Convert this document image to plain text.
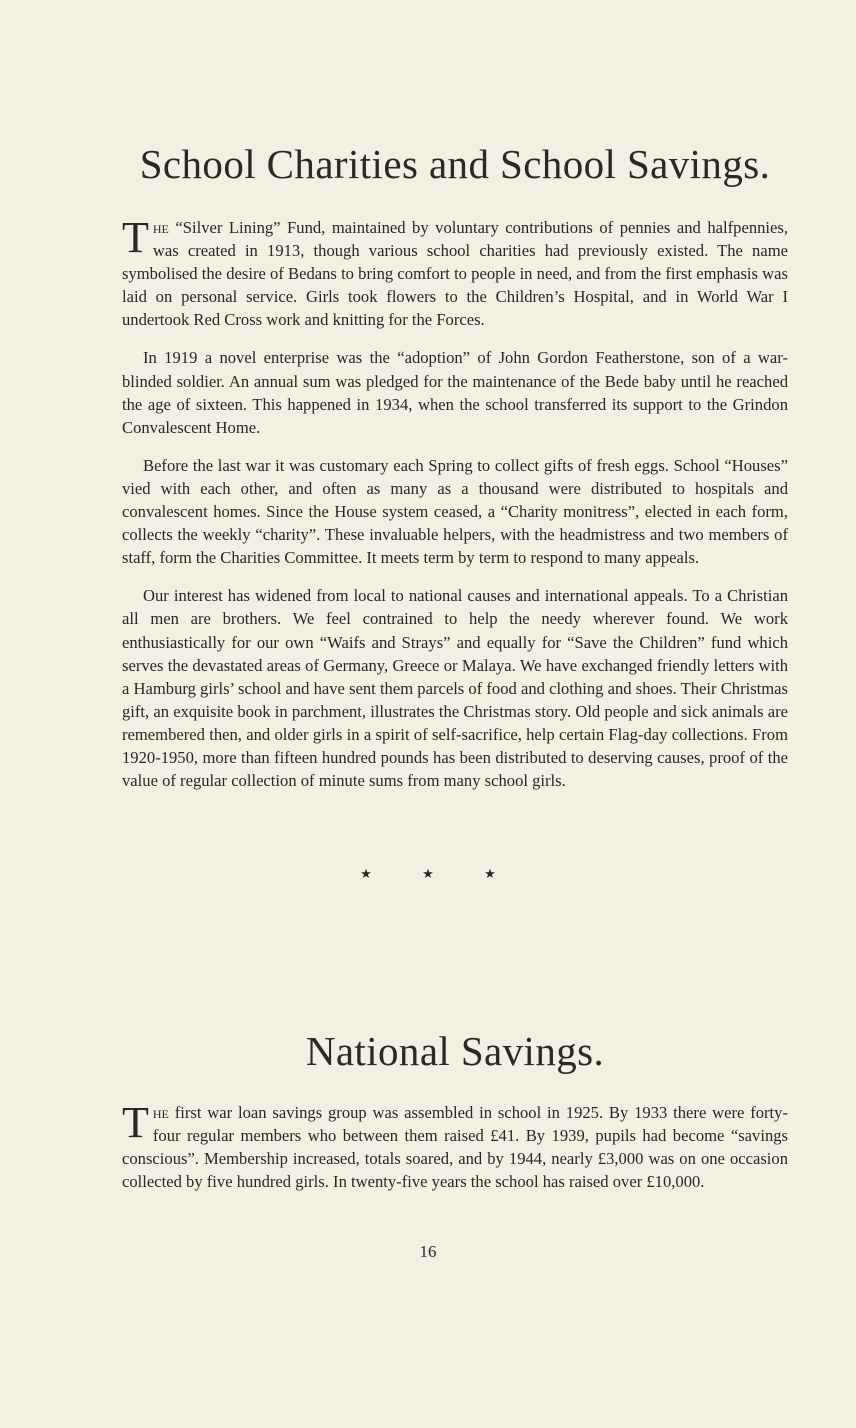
School Charities and School Savings.

T he “Silver Lining” Fund, maintained by voluntary contributions of pennies and halfpennies, was created in 1913, though various school charities had previously existed. The name symbolised the desire of Bedans to bring comfort to people in need, and from the first emphasis was laid on personal service. Girls took flowers to the Children’s Hospital, and in World War I undertook Red Cross work and knitting for the Forces.

In 1919 a novel enterprise was the “adoption” of John Gordon Featherstone, son of a war-blinded soldier. An annual sum was pledged for the maintenance of the Bede baby until he reached the age of sixteen. This happened in 1934, when the school transferred its support to the Grindon Convalescent Home.

Before the last war it was customary each Spring to collect gifts of fresh eggs. School “Houses” vied with each other, and often as many as a thousand were distributed to hospitals and convalescent homes. Since the House system ceased, a “Charity monitress”, elected in each form, collects the weekly “charity”. These invaluable helpers, with the headmistress and two members of staff, form the Charities Committee. It meets term by term to respond to many appeals.

Our interest has widened from local to national causes and international appeals. To a Christian all men are brothers. We feel contrained to help the needy wherever found. We work enthusiastically for our own “Waifs and Strays” and equally for “Save the Children” fund which serves the devastated areas of Germany, Greece or Malaya. We have exchanged friendly letters with a Hamburg girls’ school and have sent them parcels of food and clothing and shoes. Their Christmas gift, an exquisite book in parchment, illustrates the Christmas story. Old people and sick animals are remembered then, and older girls in a spirit of self-sacrifice, help certain Flag-day collections. From 1920-1950, more than fifteen hundred pounds has been distributed to deserving causes, proof of the value of regular collection of minute sums from many school girls.

★	★	★
National Savings.

T he first war loan savings group was assembled in school in 1925. By 1933 there were forty-four regular members who between them raised £41. By 1939, pupils had become “savings conscious”. Membership increased, totals soared, and by 1944, nearly £3,000 was on one occasion collected by five hundred girls. In twenty-five years the school has raised over £10,000.

16
